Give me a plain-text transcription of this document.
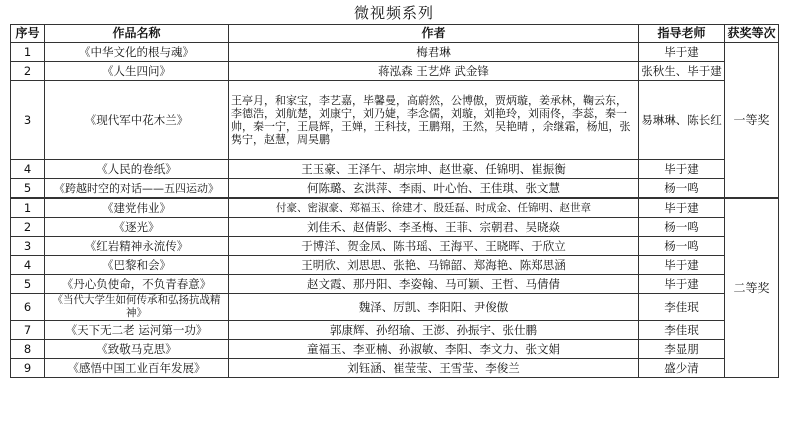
微视频系列
序号	作品名称	作者	指导老师	获奖等次
1	《中华文化的根与魂》	梅君琳	毕于建	一等奖
2	《人生四问》	蒋泓森 王艺烨 武金锋	张秋生、毕于建	
3	《现代军中花木兰》	王亭月，和家宝，李艺嘉，毕馨曼，高蔚然，公博傲，贾炳璇，姜承林，鞠云东，李德浩，刘航楚，刘康宁，刘乃婕，李念儒，刘璇，刘艳玲，刘雨佟，李蕊，秦一帅，秦一宁，王晨辉，王婵，王科技，王鹏翔，王然，吴艳晴 ，余继霜，杨旭，张隽宁，赵慧，周昊鹏	易琳琳、陈长红	
4	《人民的卷纸》	王玉豪、王泽午、胡宗坤、赵世豪、任锦明、崔振衡	毕于建	
5	《跨越时空的对话——五四运动》	何陈璐、玄洪萍、李雨、叶心怡、王佳琪、张文慧	杨一鸣	
1	《建党伟业》	付豪、密淑豪、郑福玉、徐建才、殷廷磊、时成金、任锦明、赵世章	毕于建	二等奖
2	《逐光》	刘佳禾、赵倩影、李圣梅、王菲、宗朝君、吴晓焱	杨一鸣	
3	《红岩精神永流传》	于博洋、贺金凤、陈书瑶、王海平、王晓晖、于欣立	杨一鸣	
4	《巴黎和会》	王明欣、刘思思、张艳、马锦韶、郑海艳、陈郑思涵	毕于建	
5	《丹心负使命，不负青春意》	赵文霞、那丹阳、李姿翰、马可颖、王哲、马倩倩	毕于建	
6	《当代大学生如何传承和弘扬抗战精神》	魏泽、厉凯、李阳阳、尹俊傲	李佳珉	
7	《天下无二老 运河第一功》	郭康辉、孙绍瑜、王澎、孙振宇、张仕鹏	李佳珉	
8	《致敬马克思》	童福玉、李亚楠、孙淑敏、李阳、李文力、张文娟	李显朋	
9	《感悟中国工业百年发展》	刘钰涵、崔莹莹、王雪莹、李俊兰	盛少清	
